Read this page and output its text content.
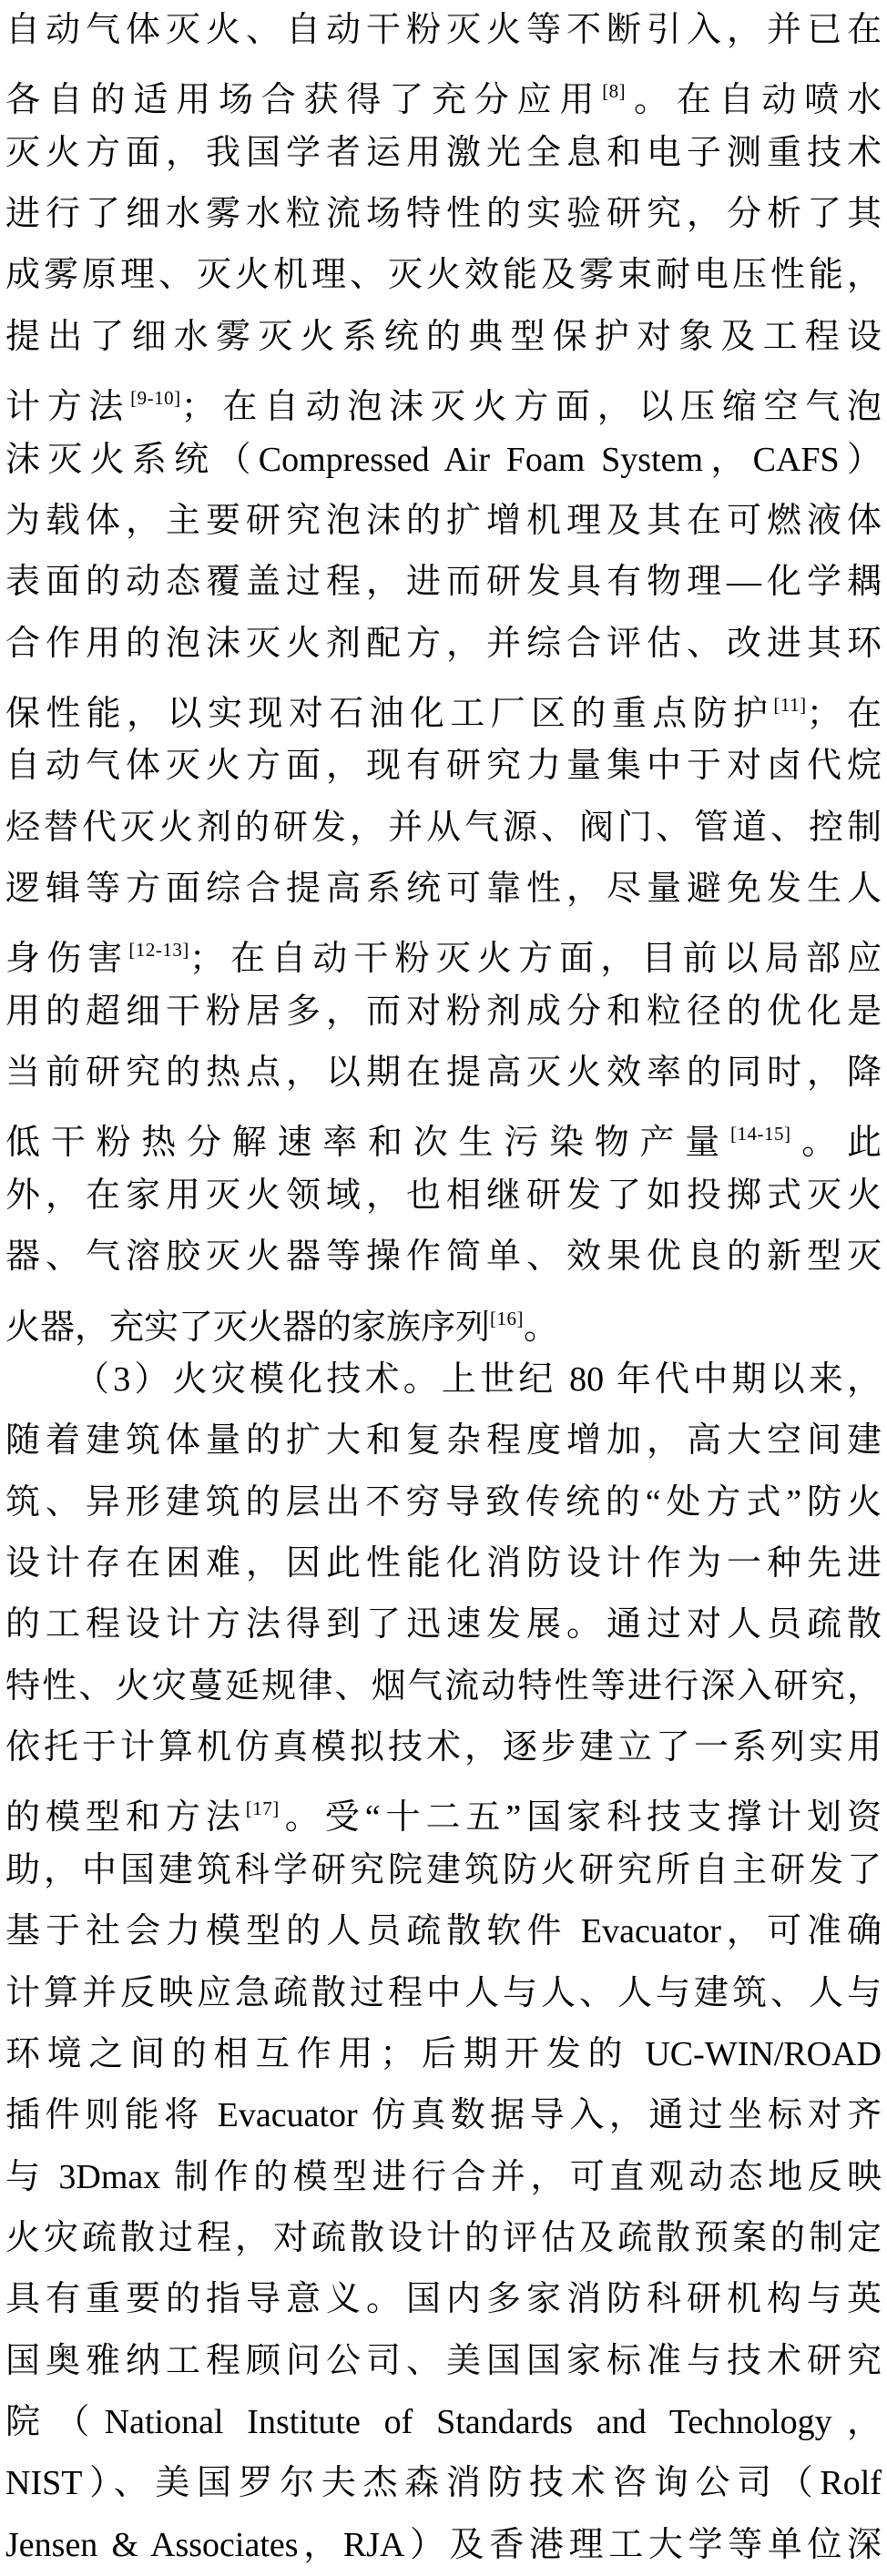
自动气体灭火、自动干粉灭火等不断引入，并已在
各自的适用场合获得了充分应用[8]。在自动喷水
灭火方面，我国学者运用激光全息和电子测重技术
进行了细水雾水粒流场特性的实验研究，分析了其
成雾原理、灭火机理、灭火效能及雾束耐电压性能，
提出了细水雾灭火系统的典型保护对象及工程设
计方法[9-10]；在自动泡沫灭火方面，以压缩空气泡
沫灭火系统（Compressed Air Foam System，CAFS）
为载体，主要研究泡沫的扩增机理及其在可燃液体
表面的动态覆盖过程，进而研发具有物理—化学耦
合作用的泡沫灭火剂配方，并综合评估、改进其环
保性能，以实现对石油化工厂区的重点防护[11]；在
自动气体灭火方面，现有研究力量集中于对卤代烷
烃替代灭火剂的研发，并从气源、阀门、管道、控制
逻辑等方面综合提高系统可靠性，尽量避免发生人
身伤害[12-13]；在自动干粉灭火方面，目前以局部应
用的超细干粉居多，而对粉剂成分和粒径的优化是
当前研究的热点，以期在提高灭火效率的同时，降
低干粉热分解速率和次生污染物产量[14-15]。此
外，在家用灭火领域，也相继研发了如投掷式灭火
器、气溶胶灭火器等操作简单、效果优良的新型灭
火器，充实了灭火器的家族序列[16]。
（3）火灾模化技术。上世纪 80 年代中期以来，
随着建筑体量的扩大和复杂程度增加，高大空间建
筑、异形建筑的层出不穷导致传统的“处方式”防火
设计存在困难，因此性能化消防设计作为一种先进
的工程设计方法得到了迅速发展。通过对人员疏散
特性、火灾蔓延规律、烟气流动特性等进行深入研究，
依托于计算机仿真模拟技术，逐步建立了一系列实用
的模型和方法[17]。受“十二五”国家科技支撑计划资
助，中国建筑科学研究院建筑防火研究所自主研发了
基于社会力模型的人员疏散软件 Evacuator，可准确
计算并反映应急疏散过程中人与人、人与建筑、人与
环境之间的相互作用；后期开发的 UC-WIN/ROAD
插件则能将 Evacuator 仿真数据导入，通过坐标对齐
与 3Dmax 制作的模型进行合并，可直观动态地反映
火灾疏散过程，对疏散设计的评估及疏散预案的制定
具有重要的指导意义。国内多家消防科研机构与英
国奥雅纳工程顾问公司、美国国家标准与技术研究
院（National Institute of Standards and Technology，
NIST）、美国罗尔夫杰森消防技术咨询公司（Rolf
Jensen & Associates，RJA）及香港理工大学等单位深
